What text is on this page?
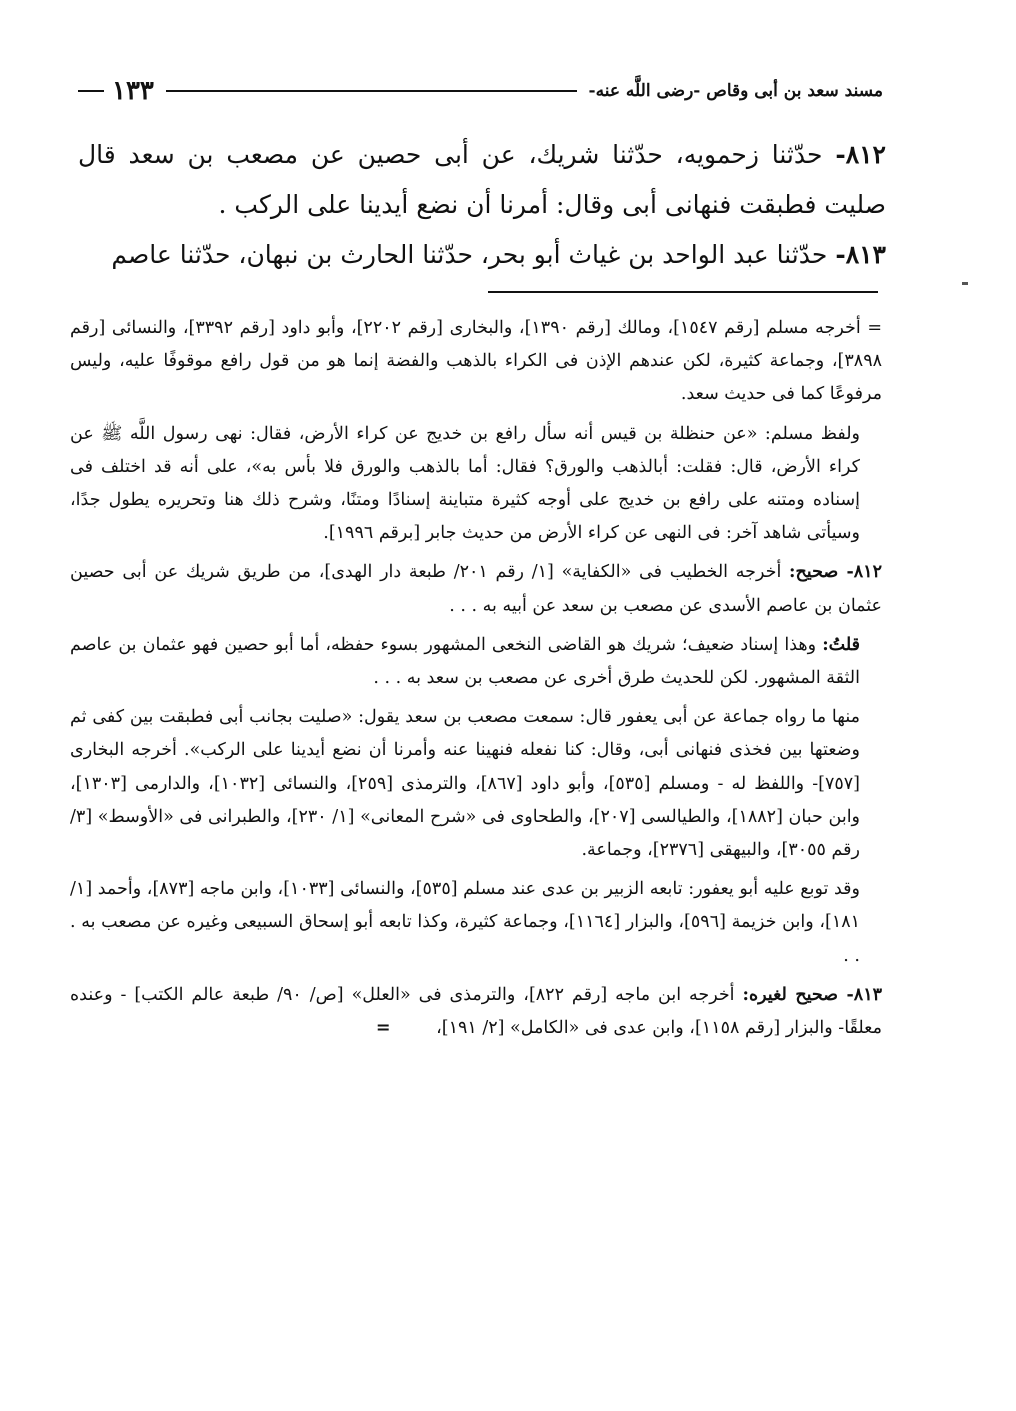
مسند سعد بن أبى وقاص -رضى اللَّه عنه-
١٣٣

٨١٢- حدّثنا زحمويه، حدّثنا شريك، عن أبى حصين عن مصعب بن سعد قال صليت فطبقت فنهانى أبى وقال: أمرنا أن نضع أيدينا على الركب .

٨١٣- حدّثنا عبد الواحد بن غياث أبو بحر، حدّثنا الحارث بن نبهان، حدّثنا عاصم

= أخرجه مسلم [رقم ١٥٤٧]، ومالك [رقم ١٣٩٠]، والبخارى [رقم ٢٢٠٢]، وأبو داود [رقم ٣٣٩٢]، والنسائى [رقم ٣٨٩٨]، وجماعة كثيرة، لكن عندهم الإذن فى الكراء بالذهب والفضة إنما هو من قول رافع موقوفًا عليه، وليس مرفوعًا كما فى حديث سعد.

ولفظ مسلم: «عن حنظلة بن قيس أنه سأل رافع بن خديج عن كراء الأرض، فقال: نهى رسول اللَّه ﷺ عن كراء الأرض، قال: فقلت: أبالذهب والورق؟ فقال: أما بالذهب والورق فلا بأس به»، على أنه قد اختلف فى إسناده ومتنه على رافع بن خديج على أوجه كثيرة متباينة إسنادًا ومتنًا، وشرح ذلك هنا وتحريره يطول جدًا، وسيأتى شاهد آخر: فى النهى عن كراء الأرض من حديث جابر [برقم ١٩٩٦].

٨١٢- صحيح: أخرجه الخطيب فى «الكفاية» [١/ رقم ٢٠١/ طبعة دار الهدى]، من طريق شريك عن أبى حصين عثمان بن عاصم الأسدى عن مصعب بن سعد عن أبيه به . . .

قلتُ: وهذا إسناد ضعيف؛ شريك هو القاضى النخعى المشهور بسوء حفظه، أما أبو حصين فهو عثمان بن عاصم الثقة المشهور. لكن للحديث طرق أخرى عن مصعب بن سعد به . . .

منها ما رواه جماعة عن أبى يعفور قال: سمعت مصعب بن سعد يقول: «صليت بجانب أبى فطبقت بين كفى ثم وضعتها بين فخذى فنهانى أبى، وقال: كنا نفعله فنهينا عنه وأمرنا أن نضع أيدينا على الركب». أخرجه البخارى [٧٥٧]- واللفظ له - ومسلم [٥٣٥]، وأبو داود [٨٦٧]، والترمذى [٢٥٩]، والنسائى [١٠٣٢]، والدارمى [١٣٠٣]، وابن حبان [١٨٨٢]، والطيالسى [٢٠٧]، والطحاوى فى «شرح المعانى» [١/ ٢٣٠]، والطبرانى فى «الأوسط» [٣/ رقم ٣٠٥٥]، والبيهقى [٢٣٧٦]، وجماعة.

وقد توبع عليه أبو يعفور: تابعه الزبير بن عدى عند مسلم [٥٣٥]، والنسائى [١٠٣٣]، وابن ماجه [٨٧٣]، وأحمد [١/ ١٨١]، وابن خزيمة [٥٩٦]، والبزار [١١٦٤]، وجماعة كثيرة، وكذا تابعه أبو إسحاق السبيعى وغيره عن مصعب به . . .

٨١٣- صحيح لغيره: أخرجه ابن ماجه [رقم ٨٢٢]، والترمذى فى «العلل» [ص/ ٩٠/ طبعة عالم الكتب] - وعنده معلقًا- والبزار [رقم ١١٥٨]، وابن عدى فى «الكامل» [٢/ ١٩١]، =
